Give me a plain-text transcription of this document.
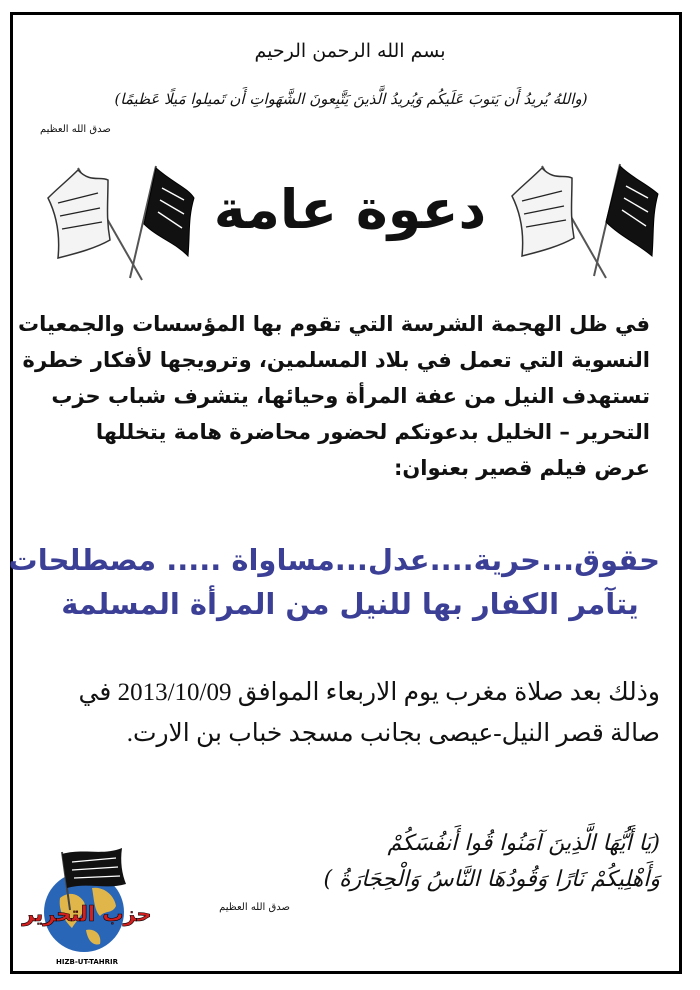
بسم الله الرحمن الرحيم
(واللهُ يُريدُ أَن يَتوبَ عَلَيكُم وَيُريدُ الَّذينَ يَتَّبِعونَ الشَّهَواتِ أَن تَميلوا مَيلًا عَظيمًا)
صدق الله العظيم
دعوة عامة
في ظل الهجمة الشرسة التي تقوم بها المؤسسات والجمعيات
النسوية التي تعمل في بلاد المسلمين، وترويجها لأفكار خطرة
تستهدف النيل من عفة المرأة وحيائها، يتشرف شباب حزب
التحرير – الخليل بدعوتكم لحضور محاضرة هامة يتخللها
عرض فيلم قصير بعنوان:
حقوق...حرية....عدل...مساواة ..... مصطلحات
يتآمر الكفار بها للنيل من المرأة المسلمة
وذلك بعد صلاة مغرب يوم الاربعاء الموافق 2013/10/09 في
صالة قصر النيل-عيصى بجانب مسجد خباب بن الارت.
(يَا أَيُّهَا الَّذِينَ آمَنُوا قُوا أَنفُسَكُمْ
وَأَهْلِيكُمْ نَارًا وَقُودُهَا النَّاسُ وَالْحِجَارَةُ )
صدق الله العظيم
حزب التحرير
HIZB-UT-TAHRIR
